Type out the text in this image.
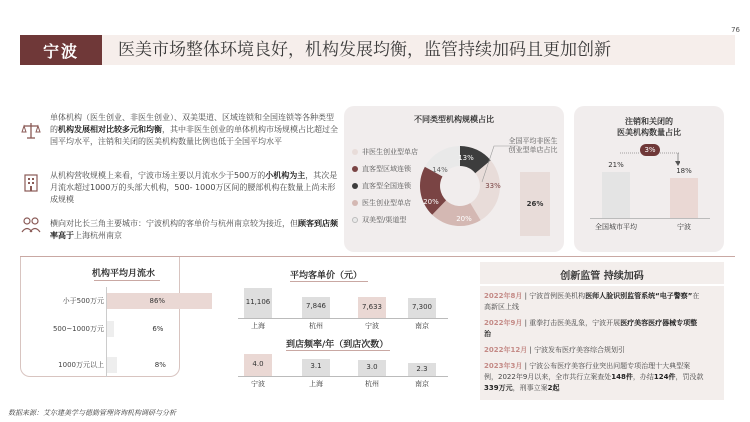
76
宁波	医美市场整体环境良好，机构发展均衡，监管持续加码且更加创新
单体机构（医生创业、非医生创业）、双美渠道、区域连锁和全国连锁等各种类型的机构发展相对比较多元和均衡，其中非医生创业的单体机构市场规模占比超过全国平均水平，注销和关闭的医美机构数量比例也低于全国平均水平
从机构营收规模上来看，宁波市场主要以月流水少于500万的小机构为主，其次是月流水超过1000万的头部大机构，500- 1000万区间的腰部机构在数量上尚未形成规模
横向对比长三角主要城市：宁波机构的客单价与杭州南京较为接近，但顾客到店频率高于上海杭州南京
不同类型机构规模占比
非医生创业型单店
直客型区域连锁
直客型全国连锁
医生创业型单店
双美型/渠道型
13%
33%
20%
20%
14%
全国平均非医生创业型单店占比
26%
注销和关闭的
医美机构数量占比
3%
全国城市平均	宁波
机构平均月流水	平均客单价（元）
到店频率/年（到店次数）
创新监管 持续加码
2022年8月 | 宁波首例医美机构医师人脸识别监管系统“电子警察”在高新区上线
2022年9月 | 重拳打击医美乱象，宁波开展医疗美容医疗器械专项整治
2022年12月 | 宁波发布医疗美容综合规划引
2023年3月 | 宁波公布医疗美容行业突出问题专项治理十大典型案例，2022年9月以来，全市共行立案查处148件，办结124件，罚没款339万元，刑事立案2起
数据来源：艾尔建美学与德勤管理咨询机构调研与分析
21%
18%
小于500万元	86%
500~1000万元	6%
1000万元以上	8%
11,106
上海
7,846
杭州
7,633
宁波
7,300
南京
4.0
宁波
3.1
上海
3.0
杭州
2.3
南京
